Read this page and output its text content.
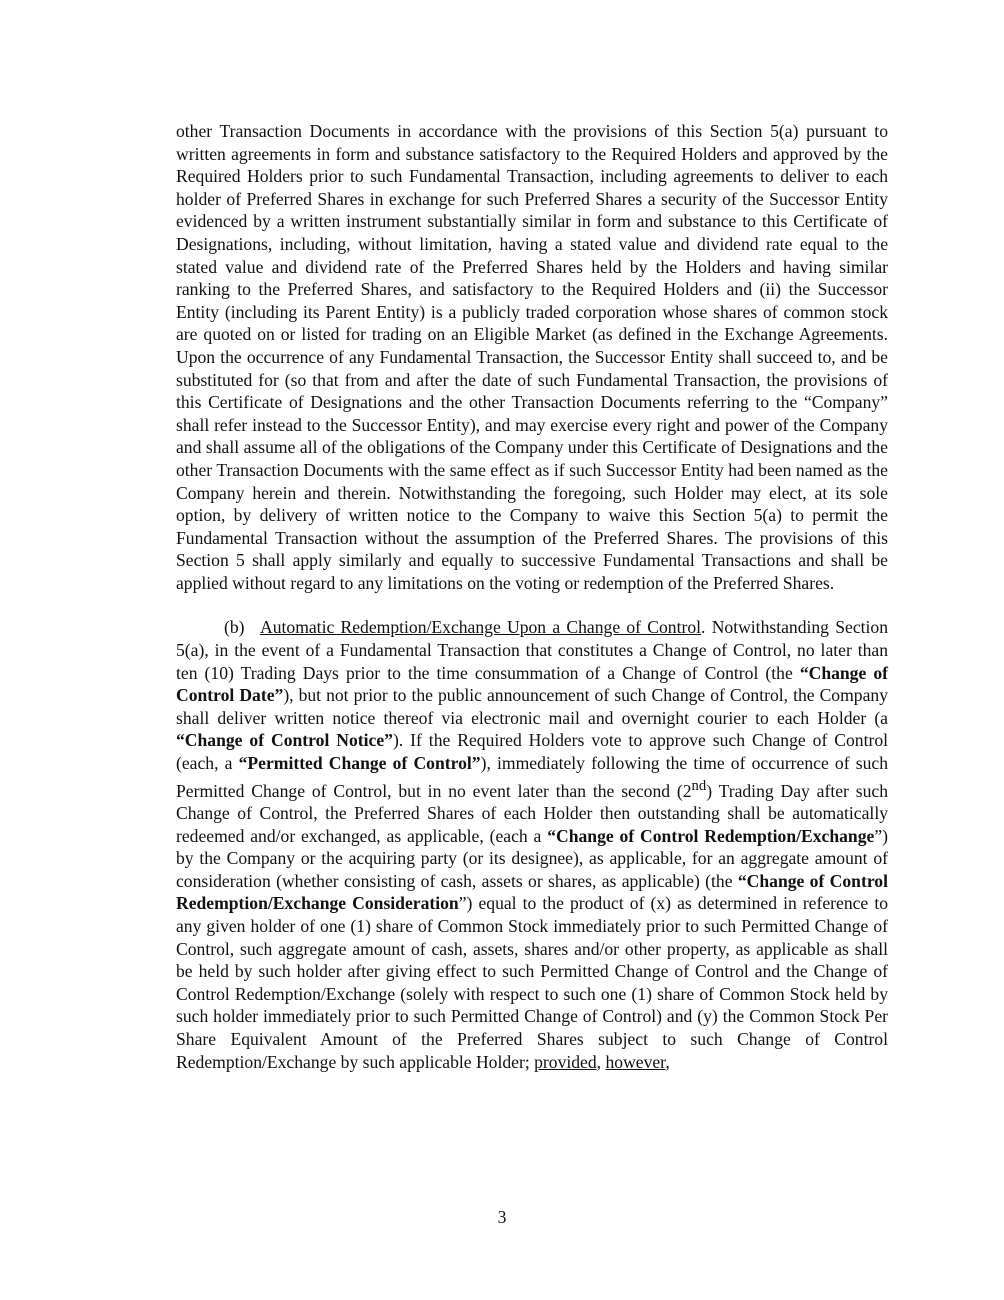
other Transaction Documents in accordance with the provisions of this Section 5(a) pursuant to written agreements in form and substance satisfactory to the Required Holders and approved by the Required Holders prior to such Fundamental Transaction, including agreements to deliver to each holder of Preferred Shares in exchange for such Preferred Shares a security of the Successor Entity evidenced by a written instrument substantially similar in form and substance to this Certificate of Designations, including, without limitation, having a stated value and dividend rate equal to the stated value and dividend rate of the Preferred Shares held by the Holders and having similar ranking to the Preferred Shares, and satisfactory to the Required Holders and (ii) the Successor Entity (including its Parent Entity) is a publicly traded corporation whose shares of common stock are quoted on or listed for trading on an Eligible Market (as defined in the Exchange Agreements. Upon the occurrence of any Fundamental Transaction, the Successor Entity shall succeed to, and be substituted for (so that from and after the date of such Fundamental Transaction, the provisions of this Certificate of Designations and the other Transaction Documents referring to the “Company” shall refer instead to the Successor Entity), and may exercise every right and power of the Company and shall assume all of the obligations of the Company under this Certificate of Designations and the other Transaction Documents with the same effect as if such Successor Entity had been named as the Company herein and therein. Notwithstanding the foregoing, such Holder may elect, at its sole option, by delivery of written notice to the Company to waive this Section 5(a) to permit the Fundamental Transaction without the assumption of the Preferred Shares. The provisions of this Section 5 shall apply similarly and equally to successive Fundamental Transactions and shall be applied without regard to any limitations on the voting or redemption of the Preferred Shares.

(b) Automatic Redemption/Exchange Upon a Change of Control. Notwithstanding Section 5(a), in the event of a Fundamental Transaction that constitutes a Change of Control, no later than ten (10) Trading Days prior to the time consummation of a Change of Control (the “Change of Control Date”), but not prior to the public announcement of such Change of Control, the Company shall deliver written notice thereof via electronic mail and overnight courier to each Holder (a “Change of Control Notice”). If the Required Holders vote to approve such Change of Control (each, a “Permitted Change of Control”), immediately following the time of occurrence of such Permitted Change of Control, but in no event later than the second (2nd) Trading Day after such Change of Control, the Preferred Shares of each Holder then outstanding shall be automatically redeemed and/or exchanged, as applicable, (each a “Change of Control Redemption/Exchange”) by the Company or the acquiring party (or its designee), as applicable, for an aggregate amount of consideration (whether consisting of cash, assets or shares, as applicable) (the “Change of Control Redemption/Exchange Consideration”) equal to the product of (x) as determined in reference to any given holder of one (1) share of Common Stock immediately prior to such Permitted Change of Control, such aggregate amount of cash, assets, shares and/or other property, as applicable as shall be held by such holder after giving effect to such Permitted Change of Control and the Change of Control Redemption/Exchange (solely with respect to such one (1) share of Common Stock held by such holder immediately prior to such Permitted Change of Control) and (y) the Common Stock Per Share Equivalent Amount of the Preferred Shares subject to such Change of Control Redemption/Exchange by such applicable Holder; provided, however,

3
